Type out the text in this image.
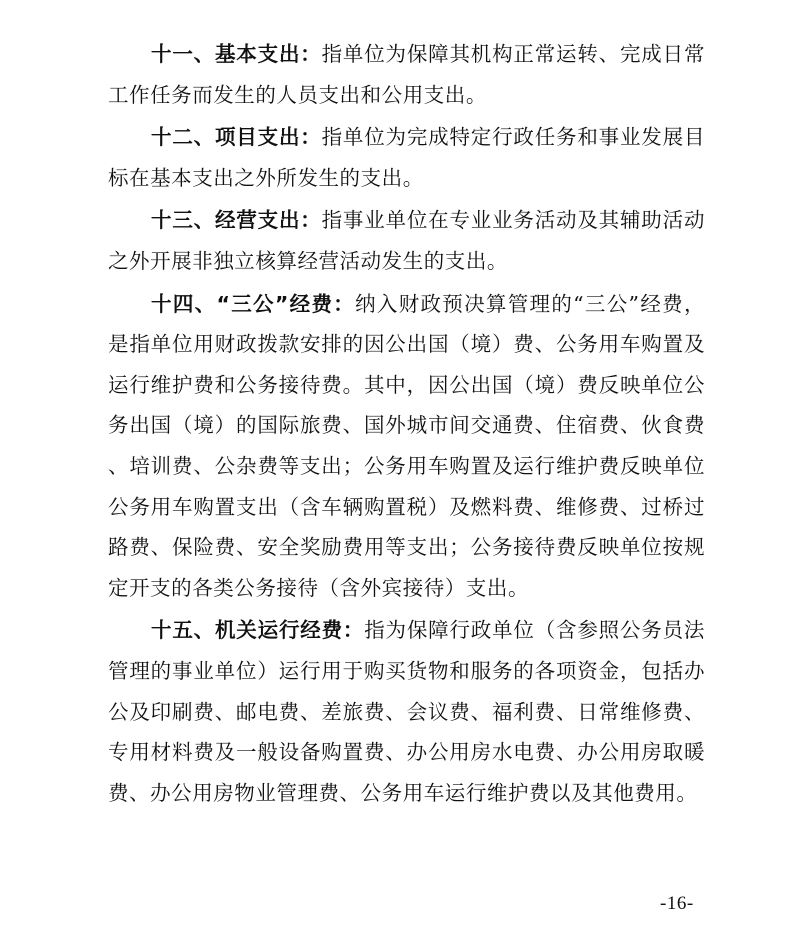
十一、基本支出：指单位为保障其机构正常运转、完成日常工作任务而发生的人员支出和公用支出。

十二、项目支出：指单位为完成特定行政任务和事业发展目标在基本支出之外所发生的支出。

十三、经营支出：指事业单位在专业业务活动及其辅助活动之外开展非独立核算经营活动发生的支出。

十四、“三公”经费：纳入财政预决算管理的“三公”经费，是指单位用财政拨款安排的因公出国（境）费、公务用车购置及运行维护费和公务接待费。其中，因公出国（境）费反映单位公务出国（境）的国际旅费、国外城市间交通费、住宿费、伙食费、培训费、公杂费等支出；公务用车购置及运行维护费反映单位公务用车购置支出（含车辆购置税）及燃料费、维修费、过桥过路费、保险费、安全奖励费用等支出；公务接待费反映单位按规定开支的各类公务接待（含外宾接待）支出。

十五、机关运行经费：指为保障行政单位（含参照公务员法管理的事业单位）运行用于购买货物和服务的各项资金，包括办公及印刷费、邮电费、差旅费、会议费、福利费、日常维修费、专用材料费及一般设备购置费、办公用房水电费、办公用房取暖费、办公用房物业管理费、公务用车运行维护费以及其他费用。

-16-
